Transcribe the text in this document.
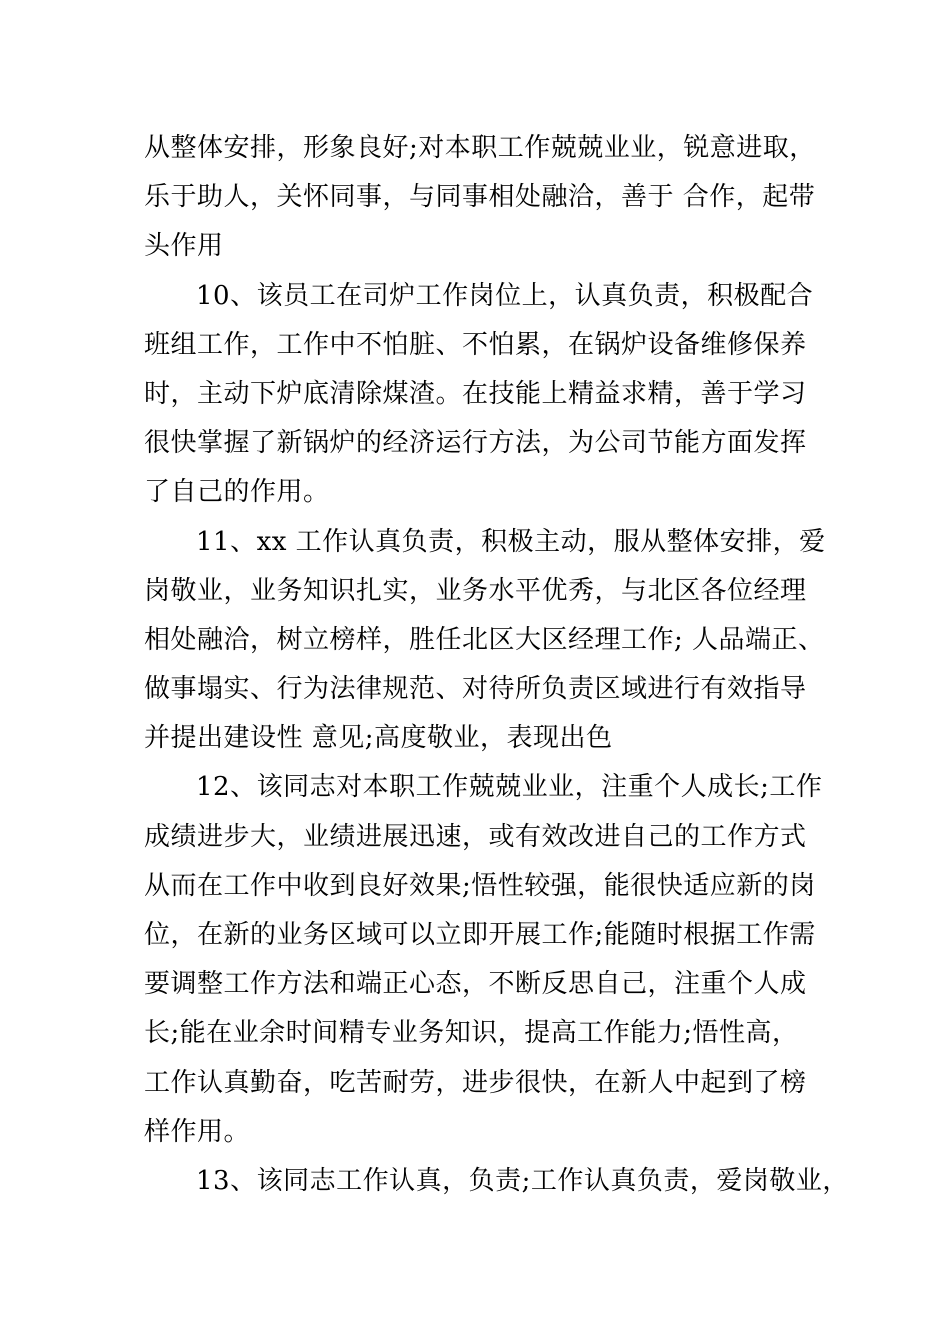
从整体安排，形象良好;对本职工作兢兢业业，锐意进取，
乐于助人，关怀同事，与同事相处融洽，善于 合作，起带
头作用
10、该员工在司炉工作岗位上，认真负责，积极配合
班组工作，工作中不怕脏、不怕累，在锅炉设备维修保养
时，主动下炉底清除煤渣。在技能上精益求精，善于学习
很快掌握了新锅炉的经济运行方法，为公司节能方面发挥
了自己的作用。
11、xx 工作认真负责，积极主动，服从整体安排，爱
岗敬业，业务知识扎实，业务水平优秀，与北区各位经理
相处融洽，树立榜样，胜任北区大区经理工作; 人品端正、
做事塌实、行为法律规范、对待所负责区域进行有效指导
并提出建设性 意见;高度敬业，表现出色
12、该同志对本职工作兢兢业业，注重个人成长;工作
成绩进步大，业绩进展迅速，或有效改进自己的工作方式
从而在工作中收到良好效果;悟性较强，能很快适应新的岗
位，在新的业务区域可以立即开展工作;能随时根据工作需
要调整工作方法和端正心态，不断反思自己，注重个人成
长;能在业余时间精专业务知识，提高工作能力;悟性高，
工作认真勤奋，吃苦耐劳，进步很快，在新人中起到了榜
样作用。
13、该同志工作认真，负责;工作认真负责，爱岗敬业，
